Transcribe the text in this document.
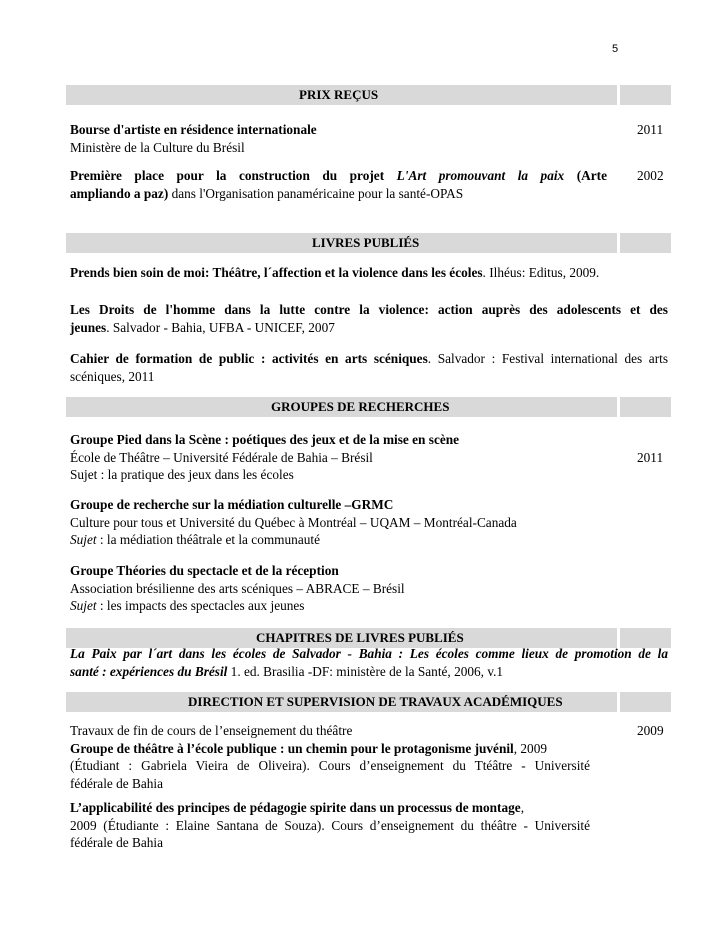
5
PRIX REÇUS
Bourse d'artiste en résidence internationale
Ministère de la Culture du Brésil
2011
Première place pour la construction du projet L'Art promouvant la paix (Arte
ampliando a paz) dans l'Organisation panaméricaine pour la santé-OPAS
2002
LIVRES PUBLIÉS
Prends bien soin de moi: Théâtre, l´affection et la violence dans les écoles. Ilhéus: Editus, 2009.
Les Droits de l'homme dans la lutte contre la violence: action auprès des adolescents et des
jeunes. Salvador - Bahia, UFBA - UNICEF, 2007
Cahier de formation de public : activités en arts scéniques. Salvador : Festival international des arts
scéniques, 2011
GROUPES DE RECHERCHES
Groupe Pied dans la Scène : poétiques des jeux et de la mise en scène
École de Théâtre – Université Fédérale de Bahia – Brésil
Sujet : la pratique des jeux dans les écoles
2011
Groupe de recherche sur la médiation culturelle –GRMC
Culture pour tous et Université du Québec à Montréal – UQAM – Montréal-Canada
Sujet : la médiation théâtrale et la communauté
Groupe Théories du spectacle et de la réception
Association brésilienne des arts scéniques – ABRACE – Brésil
Sujet : les impacts des spectacles aux jeunes
CHAPITRES DE LIVRES PUBLIÉS
La Paix par l´art dans les écoles de Salvador - Bahia : Les écoles comme lieux de promotion de la
santé : expériences du Brésil 1. ed. Brasilia -DF: ministère de la Santé, 2006, v.1
DIRECTION ET SUPERVISION DE TRAVAUX ACADÉMIQUES
Travaux de fin de cours de l’enseignement du théâtre
Groupe de théâtre à l’école publique : un chemin pour le protagonisme juvénil, 2009
(Étudiant : Gabriela Vieira de Oliveira). Cours d’enseignement du Ttéâtre - Université
fédérale de Bahia
2009
L’applicabilité des principes de pédagogie spirite dans un processus de montage,
2009 (Étudiante : Elaine Santana de Souza). Cours d’enseignement du théâtre - Université
fédérale de Bahia
